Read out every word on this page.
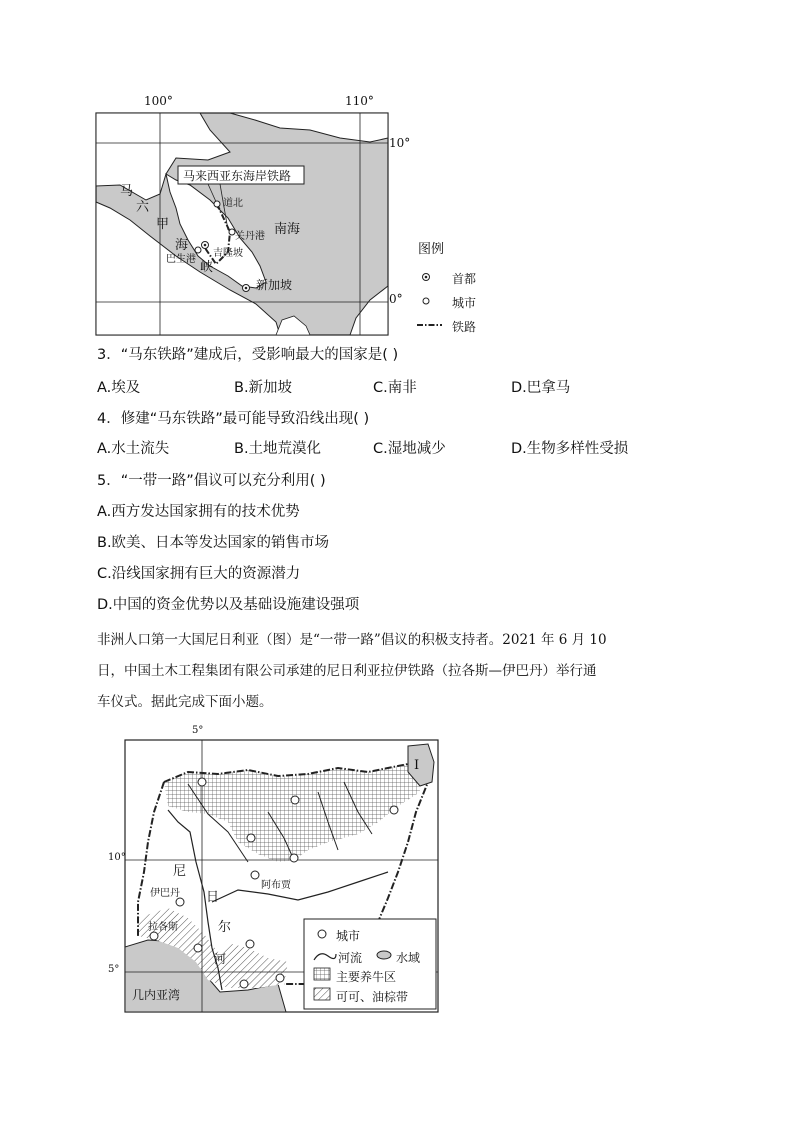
100°	110°
10°
0°
马来西亚东海岸铁路
马
六
甲
海
峡
道北
关丹港
吉隆坡
巴生港
南海
新加坡
图例
首都
城市
铁路
3．“马东铁路”建成后，受影响最大的国家是( )
A.埃及	B.新加坡	C.南非	D.巴拿马
4．修建“马东铁路”最可能导致沿线出现( )
A.水土流失	B.土地荒漠化	C.湿地减少	D.生物多样性受损
5．“一带一路”倡议可以充分利用( )
A.西方发达国家拥有的技术优势
B.欧美、日本等发达国家的销售市场
C.沿线国家拥有巨大的资源潜力
D.中国的资金优势以及基础设施建设强项
非洲人口第一大国尼日利亚（图）是“一带一路”倡议的积极支持者。2021 年 6 月 10
日，中国土木工程集团有限公司承建的尼日利亚拉伊铁路（拉各斯—伊巴丹）举行通
车仪式。据此完成下面小题。
5°
10°
5°
尼
日
尔
河
阿布贾
伊巴丹
拉各斯
几内亚湾
Ⅰ
城市
河流	水域
主要养牛区
可可、油棕带
